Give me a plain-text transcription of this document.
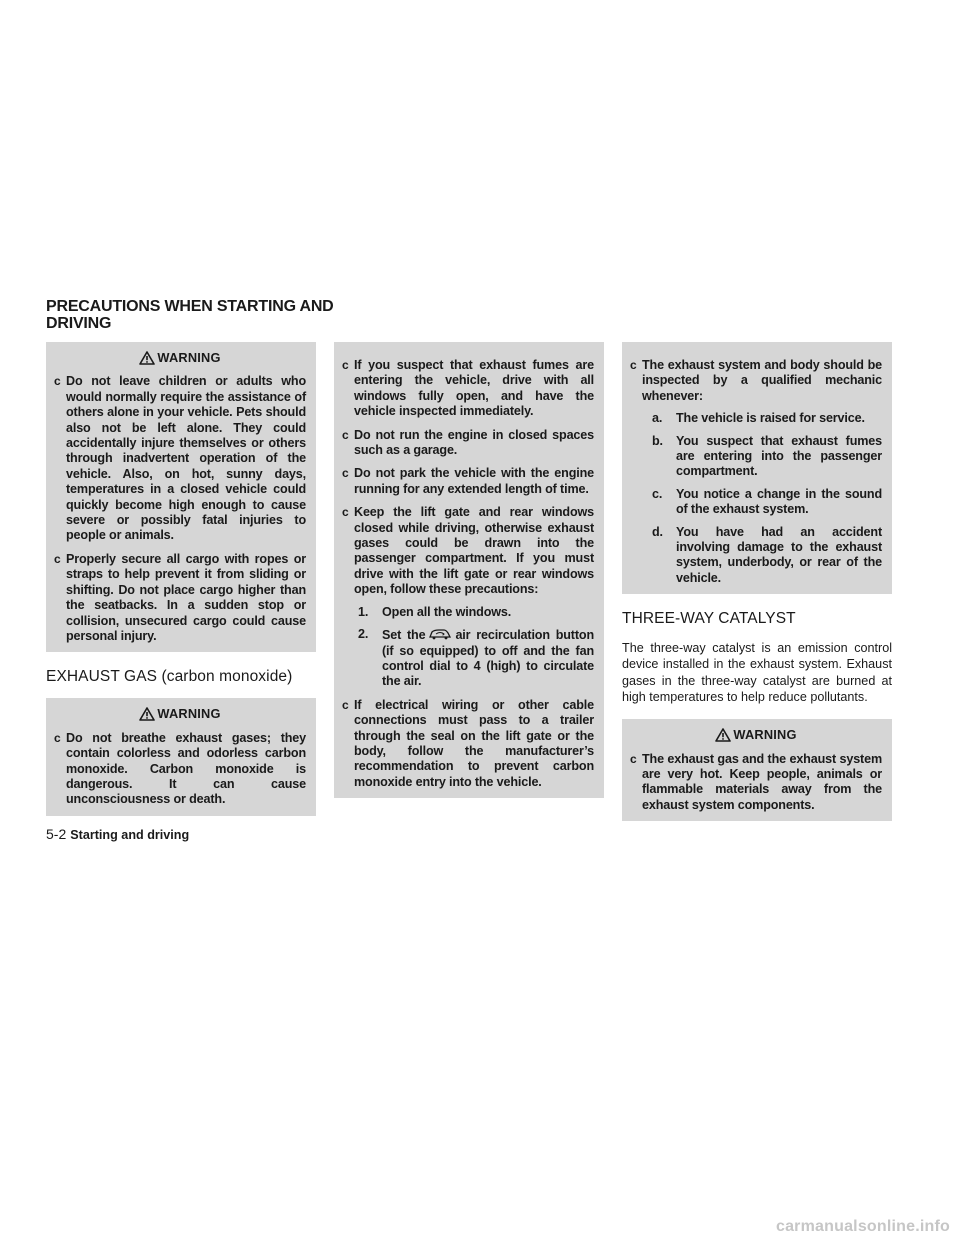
PRECAUTIONS WHEN STARTING AND DRIVING
WARNING
c Do not leave children or adults who would normally require the assistance of others alone in your vehicle. Pets should also not be left alone. They could accidentally injure themselves or others through inadvertent operation of the vehicle. Also, on hot, sunny days, temperatures in a closed vehicle could quickly become high enough to cause severe or possibly fatal injuries to people or animals.
c Properly secure all cargo with ropes or straps to help prevent it from sliding or shifting. Do not place cargo higher than the seatbacks. In a sudden stop or collision, unsecured cargo could cause personal injury.
EXHAUST GAS (carbon monoxide)
WARNING
c Do not breathe exhaust gases; they contain colorless and odorless carbon monoxide. Carbon monoxide is dangerous. It can cause unconsciousness or death.
c If you suspect that exhaust fumes are entering the vehicle, drive with all windows fully open, and have the vehicle inspected immediately.
c Do not run the engine in closed spaces such as a garage.
c Do not park the vehicle with the engine running for any extended length of time.
c Keep the lift gate and rear windows closed while driving, otherwise exhaust gases could be drawn into the passenger compartment. If you must drive with the lift gate or rear windows open, follow these precautions:
1.	Open all the windows.
2.	Set the air recirculation button (if so equipped) to off and the fan control dial to 4 (high) to circulate the air.
c If electrical wiring or other cable connections must pass to a trailer through the seal on the lift gate or the body, follow the manufacturer’s recommendation to prevent carbon monoxide entry into the vehicle.
c The exhaust system and body should be inspected by a qualified mechanic whenever:
a.	The vehicle is raised for service.
b.	You suspect that exhaust fumes are entering into the passenger compartment.
c.	You notice a change in the sound of the exhaust system.
d.	You have had an accident involving damage to the exhaust system, underbody, or rear of the vehicle.
THREE-WAY CATALYST
The three-way catalyst is an emission control device installed in the exhaust system. Exhaust gases in the three-way catalyst are burned at high temperatures to help reduce pollutants.
WARNING
c The exhaust gas and the exhaust system are very hot. Keep people, animals or flammable materials away from the exhaust system components.
5-2 Starting and driving
carmanualsonline.info
